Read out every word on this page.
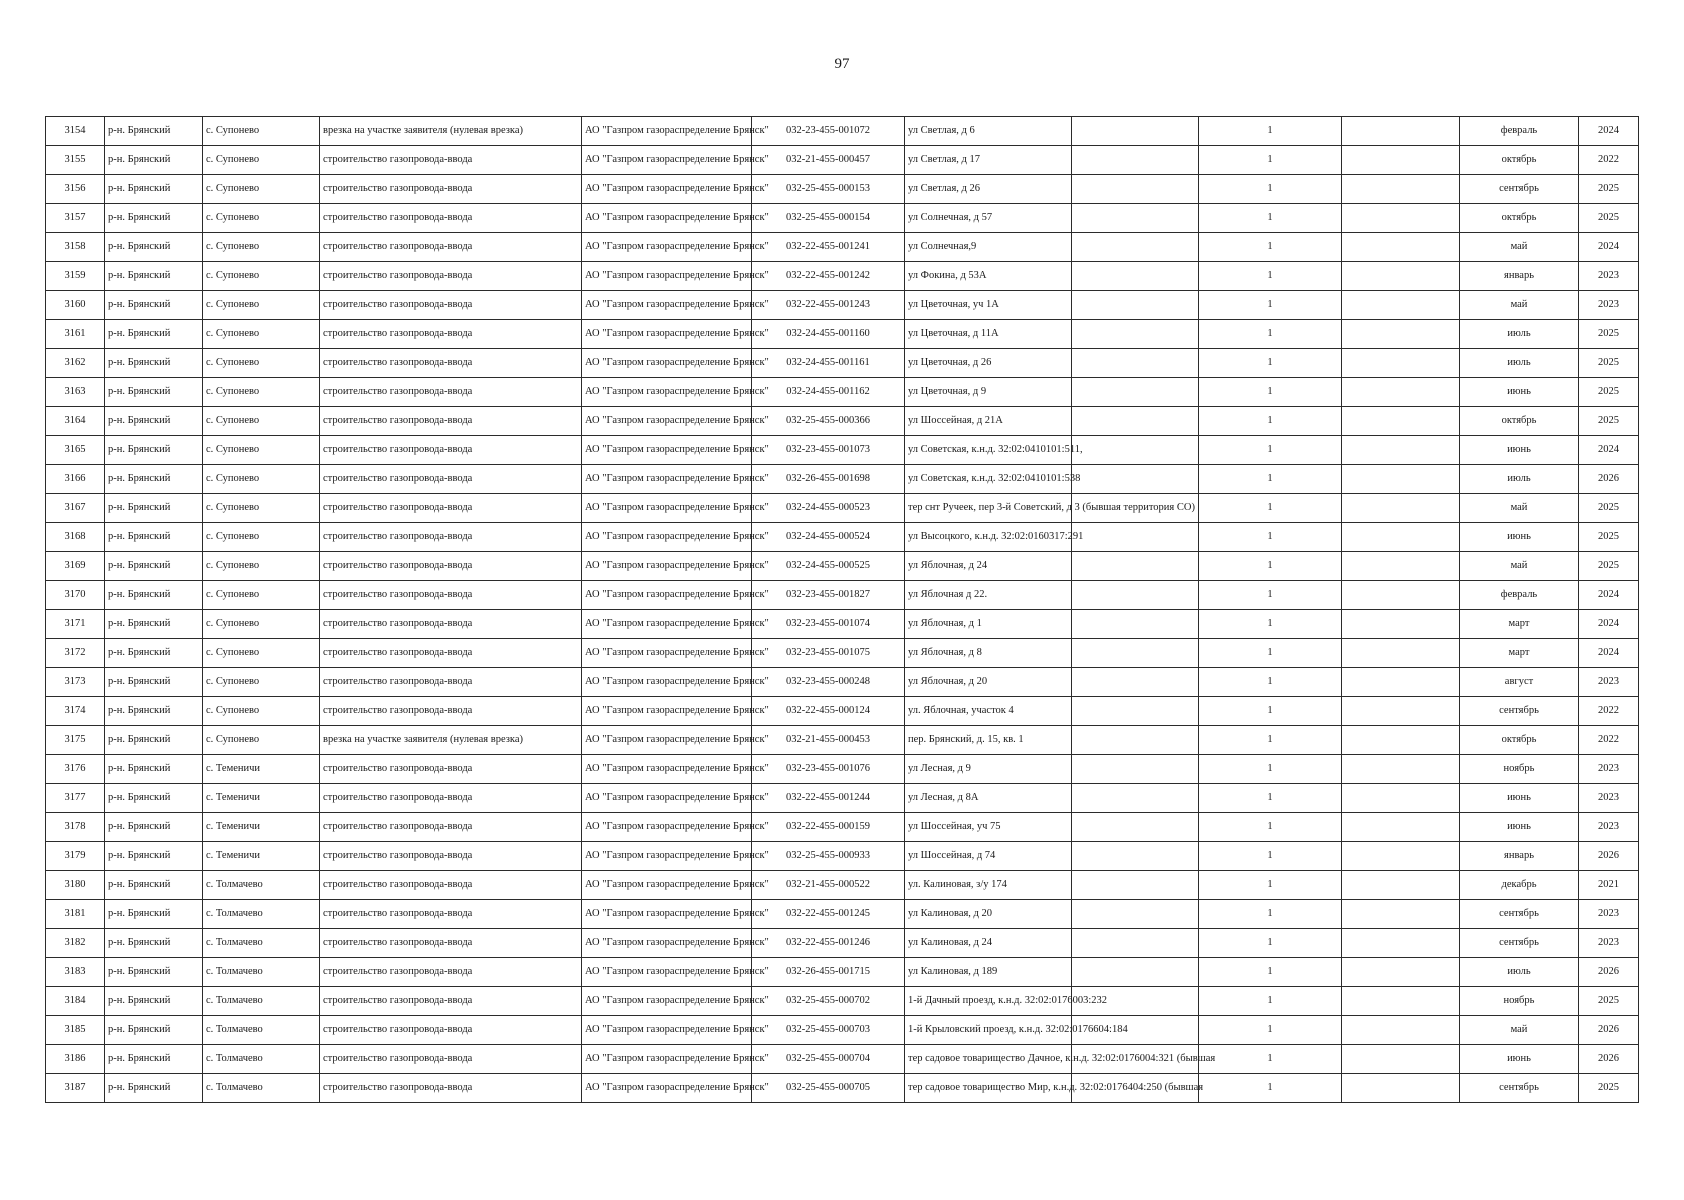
97
3154	р-н. Брянский	с. Супонево	врезка на участке заявителя (нулевая врезка)	АО "Газпром газораспределение Брянск"	032-23-455-001072	ул Светлая, д 6		1		февраль	2024
3155	р-н. Брянский	с. Супонево	строительство газопровода-ввода	АО "Газпром газораспределение Брянск"	032-21-455-000457	ул Светлая, д 17		1		октябрь	2022
3156	р-н. Брянский	с. Супонево	строительство газопровода-ввода	АО "Газпром газораспределение Брянск"	032-25-455-000153	ул Светлая, д 26		1		сентябрь	2025
3157	р-н. Брянский	с. Супонево	строительство газопровода-ввода	АО "Газпром газораспределение Брянск"	032-25-455-000154	ул Солнечная, д 57		1		октябрь	2025
3158	р-н. Брянский	с. Супонево	строительство газопровода-ввода	АО "Газпром газораспределение Брянск"	032-22-455-001241	ул Солнечная,9		1		май	2024
3159	р-н. Брянский	с. Супонево	строительство газопровода-ввода	АО "Газпром газораспределение Брянск"	032-22-455-001242	ул Фокина, д 53А		1		январь	2023
3160	р-н. Брянский	с. Супонево	строительство газопровода-ввода	АО "Газпром газораспределение Брянск"	032-22-455-001243	ул Цветочная, уч 1А		1		май	2023
3161	р-н. Брянский	с. Супонево	строительство газопровода-ввода	АО "Газпром газораспределение Брянск"	032-24-455-001160	ул Цветочная, д 11А		1		июль	2025
3162	р-н. Брянский	с. Супонево	строительство газопровода-ввода	АО "Газпром газораспределение Брянск"	032-24-455-001161	ул Цветочная, д 26		1		июль	2025
3163	р-н. Брянский	с. Супонево	строительство газопровода-ввода	АО "Газпром газораспределение Брянск"	032-24-455-001162	ул Цветочная, д 9		1		июнь	2025
3164	р-н. Брянский	с. Супонево	строительство газопровода-ввода	АО "Газпром газораспределение Брянск"	032-25-455-000366	ул Шоссейная, д 21А		1		октябрь	2025
3165	р-н. Брянский	с. Супонево	строительство газопровода-ввода	АО "Газпром газораспределение Брянск"	032-23-455-001073	ул Советская, к.н.д. 32:02:0410101:511,		1		июнь	2024
3166	р-н. Брянский	с. Супонево	строительство газопровода-ввода	АО "Газпром газораспределение Брянск"	032-26-455-001698	ул Советская, к.н.д. 32:02:0410101:538		1		июль	2026
3167	р-н. Брянский	с. Супонево	строительство газопровода-ввода	АО "Газпром газораспределение Брянск"	032-24-455-000523	тер снт Ручеек, пер 3-й Советский, д 3 (бывшая территория СО)		1		май	2025
3168	р-н. Брянский	с. Супонево	строительство газопровода-ввода	АО "Газпром газораспределение Брянск"	032-24-455-000524	ул Высоцкого, к.н.д. 32:02:0160317:291		1		июнь	2025
3169	р-н. Брянский	с. Супонево	строительство газопровода-ввода	АО "Газпром газораспределение Брянск"	032-24-455-000525	ул Яблочная, д 24		1		май	2025
3170	р-н. Брянский	с. Супонево	строительство газопровода-ввода	АО "Газпром газораспределение Брянск"	032-23-455-001827	ул Яблочная д 22.		1		февраль	2024
3171	р-н. Брянский	с. Супонево	строительство газопровода-ввода	АО "Газпром газораспределение Брянск"	032-23-455-001074	ул Яблочная, д 1		1		март	2024
3172	р-н. Брянский	с. Супонево	строительство газопровода-ввода	АО "Газпром газораспределение Брянск"	032-23-455-001075	ул Яблочная, д 8		1		март	2024
3173	р-н. Брянский	с. Супонево	строительство газопровода-ввода	АО "Газпром газораспределение Брянск"	032-23-455-000248	ул Яблочная, д 20		1		август	2023
3174	р-н. Брянский	с. Супонево	строительство газопровода-ввода	АО "Газпром газораспределение Брянск"	032-22-455-000124	ул. Яблочная, участок 4		1		сентябрь	2022
3175	р-н. Брянский	с. Супонево	врезка на участке заявителя (нулевая врезка)	АО "Газпром газораспределение Брянск"	032-21-455-000453	пер. Брянский, д. 15, кв. 1		1		октябрь	2022
3176	р-н. Брянский	с. Теменичи	строительство газопровода-ввода	АО "Газпром газораспределение Брянск"	032-23-455-001076	ул Лесная, д 9		1		ноябрь	2023
3177	р-н. Брянский	с. Теменичи	строительство газопровода-ввода	АО "Газпром газораспределение Брянск"	032-22-455-001244	ул Лесная, д 8А		1		июнь	2023
3178	р-н. Брянский	с. Теменичи	строительство газопровода-ввода	АО "Газпром газораспределение Брянск"	032-22-455-000159	ул Шоссейная, уч 75		1		июнь	2023
3179	р-н. Брянский	с. Теменичи	строительство газопровода-ввода	АО "Газпром газораспределение Брянск"	032-25-455-000933	ул Шоссейная, д 74		1		январь	2026
3180	р-н. Брянский	с. Толмачево	строительство газопровода-ввода	АО "Газпром газораспределение Брянск"	032-21-455-000522	ул. Калиновая, з/у 174		1		декабрь	2021
3181	р-н. Брянский	с. Толмачево	строительство газопровода-ввода	АО "Газпром газораспределение Брянск"	032-22-455-001245	ул Калиновая, д 20		1		сентябрь	2023
3182	р-н. Брянский	с. Толмачево	строительство газопровода-ввода	АО "Газпром газораспределение Брянск"	032-22-455-001246	ул Калиновая, д 24		1		сентябрь	2023
3183	р-н. Брянский	с. Толмачево	строительство газопровода-ввода	АО "Газпром газораспределение Брянск"	032-26-455-001715	ул Калиновая, д 189		1		июль	2026
3184	р-н. Брянский	с. Толмачево	строительство газопровода-ввода	АО "Газпром газораспределение Брянск"	032-25-455-000702	1-й Дачный проезд, к.н.д. 32:02:0176003:232		1		ноябрь	2025
3185	р-н. Брянский	с. Толмачево	строительство газопровода-ввода	АО "Газпром газораспределение Брянск"	032-25-455-000703	1-й Крыловский проезд, к.н.д. 32:02:0176604:184		1		май	2026
3186	р-н. Брянский	с. Толмачево	строительство газопровода-ввода	АО "Газпром газораспределение Брянск"	032-25-455-000704	тер садовое товарищество Дачное, к.н.д. 32:02:0176004:321 (бывшая		1		июнь	2026
3187	р-н. Брянский	с. Толмачево	строительство газопровода-ввода	АО "Газпром газораспределение Брянск"	032-25-455-000705	тер садовое товарищество Мир, к.н.д. 32:02:0176404:250 (бывшая		1		сентябрь	2025
